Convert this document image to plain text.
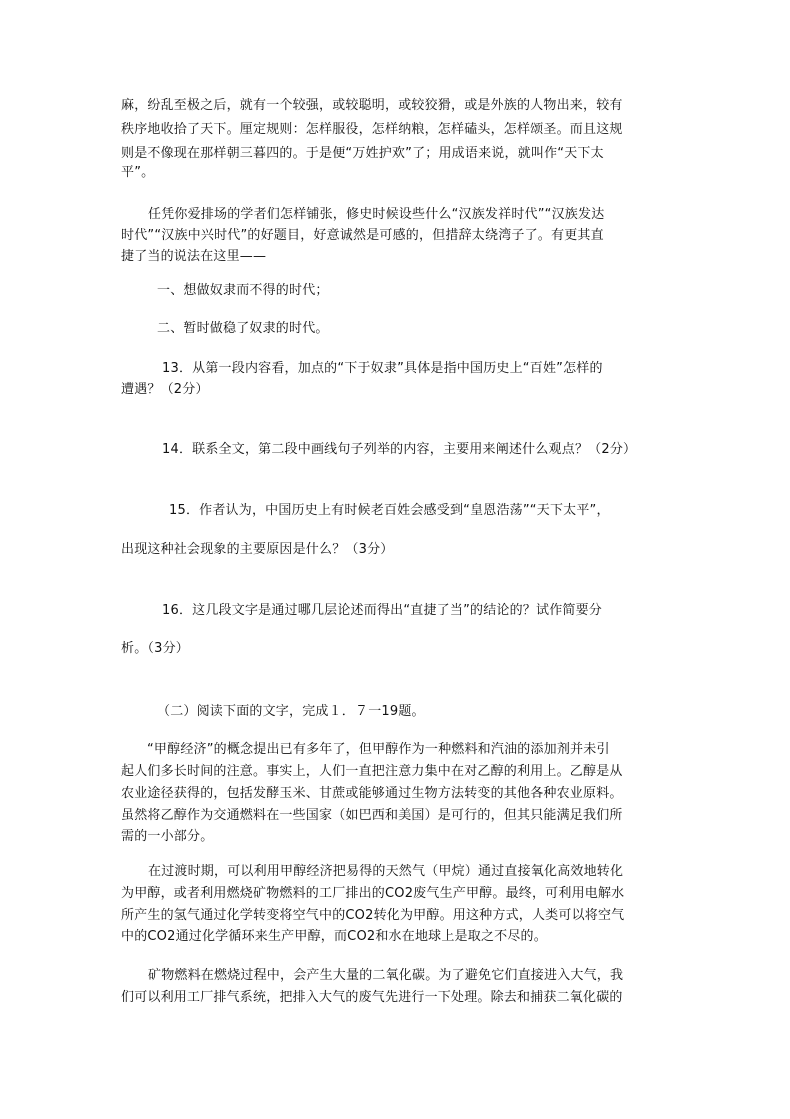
麻，纷乱至极之后，就有一个较强，或较聪明，或较狡猾，或是外族的人物出来，较有

秩序地收拾了天下。厘定规则：怎样服役，怎样纳粮，怎样磕头，怎样颂圣。而且这规

则是不像现在那样朝三暮四的。于是便“万姓护欢”了；用成语来说，就叫作“天下太

平”。

任凭你爱排场的学者们怎样铺张，修史时候设些什么“汉族发祥时代”“汉族发达

时代”“汉族中兴时代”的好题目，好意诚然是可感的，但措辞太绕湾子了。有更其直

捷了当的说法在这里——

一、想做奴隶而不得的时代；

二、暂时做稳了奴隶的时代。

13．从第一段内容看，加点的“下于奴隶”具体是指中国历史上“百姓”怎样的

遭遇？（2分）

14．联系全文，第二段中画线句子列举的内容，主要用来阐述什么观点？（2分）

15．作者认为，中国历史上有时候老百姓会感受到“皇恩浩荡”“天下太平”，

出现这种社会现象的主要原因是什么？（3分）

16．这几段文字是通过哪几层论述而得出“直捷了当”的结论的？试作简要分

析。（3分）

（二）阅读下面的文字，完成１．７一19题。

“甲醇经济”的概念提出已有多年了，但甲醇作为一种燃料和汽油的添加剂并未引

起人们多长时间的注意。事实上，人们一直把注意力集中在对乙醇的利用上。乙醇是从

农业途径获得的，包括发酵玉米、甘蔗或能够通过生物方法转变的其他各种农业原料。

虽然将乙醇作为交通燃料在一些国家（如巴西和美国）是可行的，但其只能满足我们所

需的一小部分。

在过渡时期，可以利用甲醇经济把易得的天然气（甲烷）通过直接氧化高效地转化

为甲醇，或者利用燃烧矿物燃料的工厂排出的CO2废气生产甲醇。最终，可利用电解水

所产生的氢气通过化学转变将空气中的CO2转化为甲醇。用这种方式，人类可以将空气

中的CO2通过化学循环来生产甲醇，而CO2和水在地球上是取之不尽的。

矿物燃料在燃烧过程中，会产生大量的二氧化碳。为了避免它们直接进入大气，我

们可以利用工厂排气系统，把排入大气的废气先进行一下处理。除去和捕获二氧化碳的
